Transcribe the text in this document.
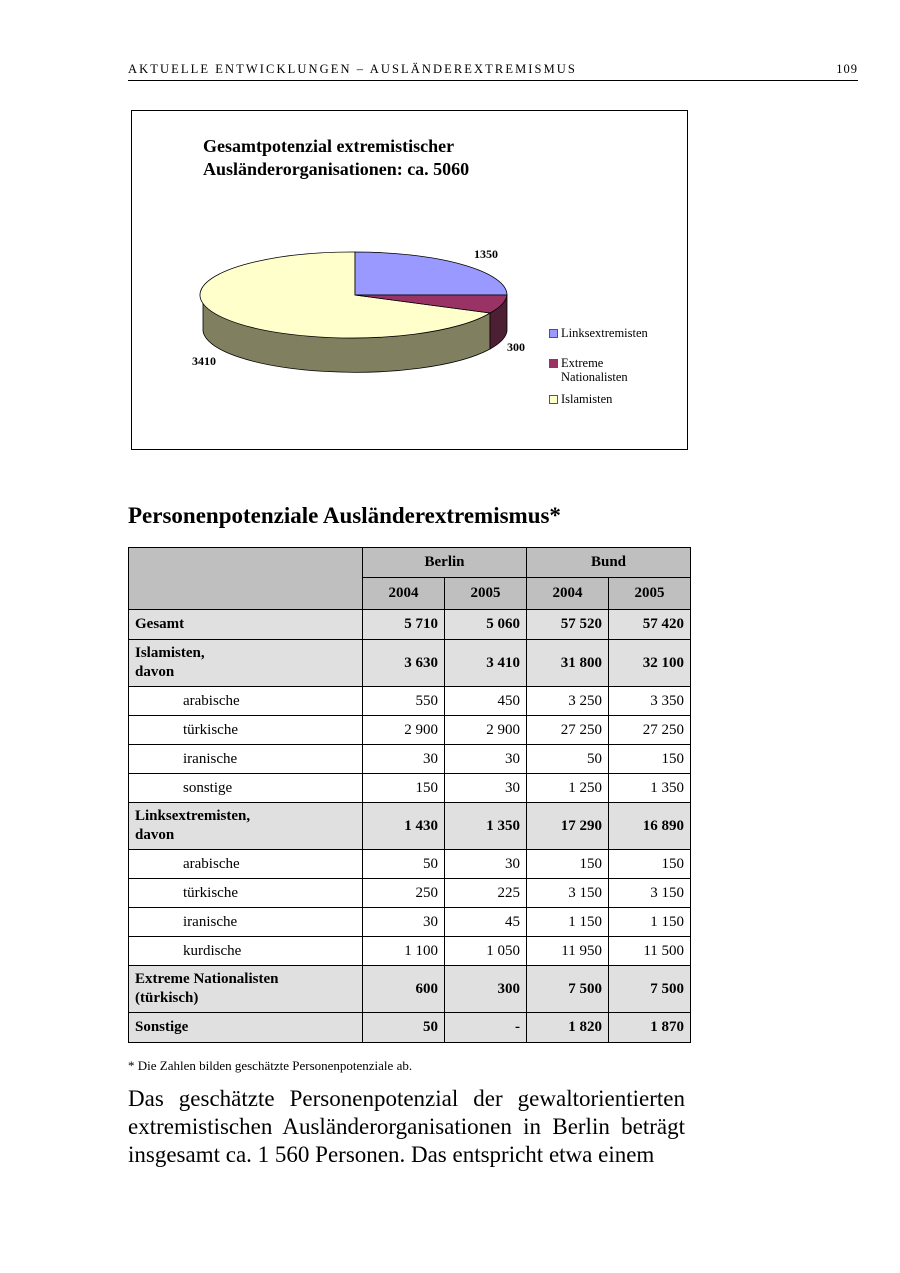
AKTUELLE ENTWICKLUNGEN – AUSLÄNDEREXTREMISMUS	109
1350
300
3410
Gesamtpotenzial extremistischer
Ausländerorganisationen: ca. 5060
Linksextremisten
Extreme
Nationalisten
Islamisten
Personenpotenziale Ausländerextremismus*
	Berlin		Bund	
	2004	2005	2004	2005

Gesamt	5 710	5 060	57 520	57 420

Islamisten,
davon	3 630	3 410	31 800	32 100

arabische	550	450	3 250	3 350

türkische	2 900	2 900	27 250	27 250

iranische	30	30	50	150

sonstige	150	30	1 250	1 350

Linksextremisten,
davon	1 430	1 350	17 290	16 890

arabische	50	30	150	150

türkische	250	225	3 150	3 150

iranische	30	45	1 150	1 150

kurdische	1 100	1 050	11 950	11 500

Extreme Nationalisten
(türkisch)	600	300	7 500	7 500

Sonstige	50	-	1 820	1 870
* Die Zahlen bilden geschätzte Personenpotenziale ab.
Das geschätzte Personenpotenzial der gewaltorientierten extremistischen Ausländerorganisationen in Berlin beträgt insgesamt ca. 1 560 Personen. Das entspricht etwa einem
